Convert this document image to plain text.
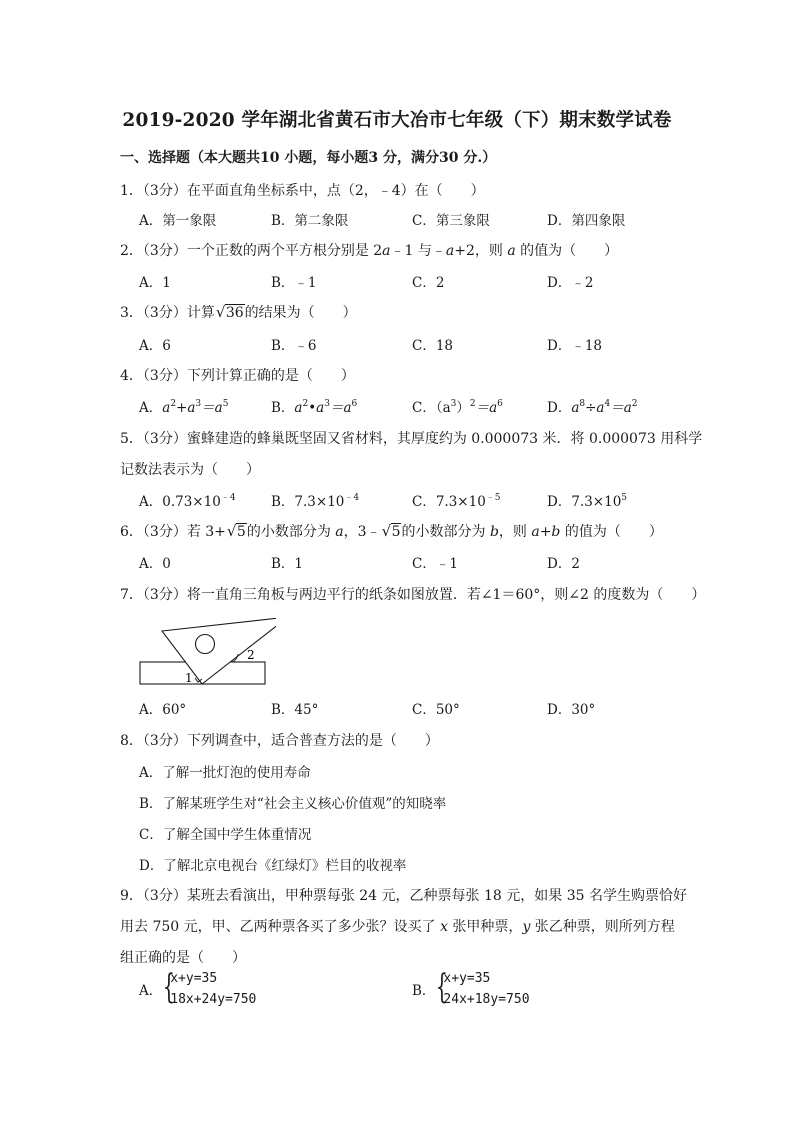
2019-2020 学年湖北省黄石市大冶市七年级（下）期末数学试卷
一、选择题（本大题共10 小题，每小题3 分，满分30 分.）
1．（3分）在平面直角坐标系中，点（2，﹣4）在（　　）
A．第一象限	B．第二象限	C．第三象限	D．第四象限
2．（3分）一个正数的两个平方根分别是 2a﹣1 与﹣a+2，则 a 的值为（　　）
A．1	B．﹣1	C．2	D．﹣2
3．（3分）计算 √ 36的结果为（　　）
A．6	B．﹣6	C．18	D．﹣18
4．（3分）下列计算正确的是（　　）
A．$a^2+a^3=a^5$	B．$a^2•a^3=a^6$	C．$(a^3)^2=a^6$	D．$a^8\div a^4=a^2$
5．（3分）蜜蜂建造的蜂巢既坚固又省材料，其厚度约为 0.000073 米．将 0.000073 用科学
记数法表示为（　　）
A．$0.73\times 10^{﹣4}$	B．$7.3\times 10^{﹣4}$	C．$7.3\times 10^{﹣5}$	D．$7.3\times 10^5$
6．（3分）若 3+ √ 5的小数部分为 a，3﹣ √ 5的小数部分为 b，则 a+b 的值为（　　）
A．0	B．1	C．﹣1	D．2
7．（3分）将一直角三角板与两边平行的纸条如图放置．若∠1＝60°，则∠2 的度数为（　　）
1
2
A．60°	B．45°	C．50°	D．30°
8．（3分）下列调查中，适合普查方法的是（　　）
A．了解一批灯泡的使用寿命
B．了解某班学生对“社会主义核心价值观”的知晓率
C．了解全国中学生体重情况
D．了解北京电视台《红绿灯》栏目的收视率
9．（3分）某班去看演出，甲种票每张 24 元，乙种票每张 18 元，如果 35 名学生购票恰好
用去 750 元，甲、乙两种票各买了多少张？设买了 x 张甲种票，y 张乙种票，则所列方程
组正确的是（　　）
A． {
x+y=35
18x+24y=750
B． {
x+y=35
24x+18y=750
